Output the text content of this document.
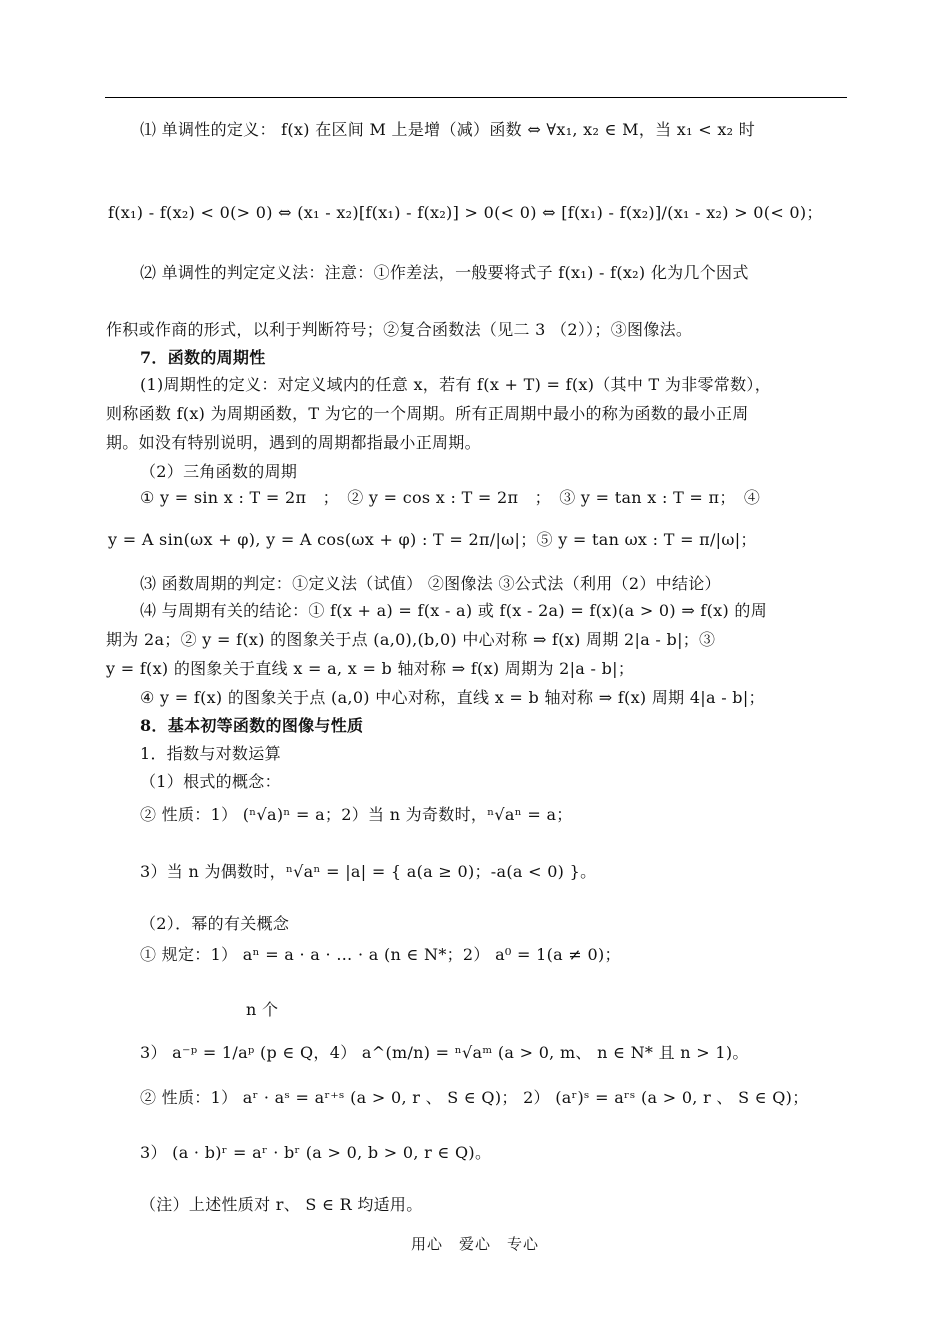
⑴ 单调性的定义： f(x) 在区间 M 上是增（减）函数 ⇔ ∀x₁, x₂ ∈ M，当 x₁ < x₂ 时
f(x₁) - f(x₂) < 0(> 0) ⇔ (x₁ - x₂)[f(x₁) - f(x₂)] > 0(< 0) ⇔ [f(x₁) - f(x₂)]/(x₁ - x₂) > 0(< 0)；
⑵ 单调性的判定定义法：注意：①作差法，一般要将式子 f(x₁) - f(x₂) 化为几个因式
作积或作商的形式，以利于判断符号；②复合函数法（见二 3 （2））；③图像法。
7．函数的周期性
(1)周期性的定义：对定义域内的任意 x，若有 f(x + T) = f(x)（其中 T 为非零常数），
则称函数 f(x) 为周期函数，T 为它的一个周期。所有正周期中最小的称为函数的最小正周
期。如没有特别说明，遇到的周期都指最小正周期。
（2）三角函数的周期
① y = sin x : T = 2π　；　② y = cos x : T = 2π　；　③ y = tan x : T = π；　④
y = A sin(ωx + φ), y = A cos(ωx + φ) : T = 2π/|ω|；⑤ y = tan ωx : T = π/|ω|；
⑶ 函数周期的判定：①定义法（试值） ②图像法 ③公式法（利用（2）中结论）
⑷ 与周期有关的结论：① f(x + a) = f(x - a) 或 f(x - 2a) = f(x)(a > 0) ⇒ f(x) 的周
期为 2a；② y = f(x) 的图象关于点 (a,0),(b,0) 中心对称 ⇒ f(x) 周期 2|a - b|；③
y = f(x) 的图象关于直线 x = a, x = b 轴对称 ⇒ f(x) 周期为 2|a - b|；
④ y = f(x) 的图象关于点 (a,0) 中心对称，直线 x = b 轴对称 ⇒ f(x) 周期 4|a - b|；
8．基本初等函数的图像与性质
1．指数与对数运算
（1）根式的概念：
② 性质：1） (ⁿ√a)ⁿ = a；2）当 n 为奇数时，ⁿ√aⁿ = a；
3）当 n 为偶数时，ⁿ√aⁿ = |a| = { a(a ≥ 0)；-a(a < 0) }。
（2）．幂的有关概念
① 规定：1） aⁿ = a · a · … · a (n ∈ N*；2） a⁰ = 1(a ≠ 0)；
n 个
3） a⁻ᵖ = 1/aᵖ (p ∈ Q，4） a^(m/n) = ⁿ√aᵐ (a > 0, m、 n ∈ N* 且 n > 1)。
② 性质：1） aʳ · aˢ = aʳ⁺ˢ (a > 0, r 、 S ∈ Q)； 2） (aʳ)ˢ = aʳˢ (a > 0, r 、 S ∈ Q)；
3） (a · b)ʳ = aʳ · bʳ (a > 0, b > 0, r ∈ Q)。
（注）上述性质对 r、 S ∈ R 均适用。
用心　爱心　专心
